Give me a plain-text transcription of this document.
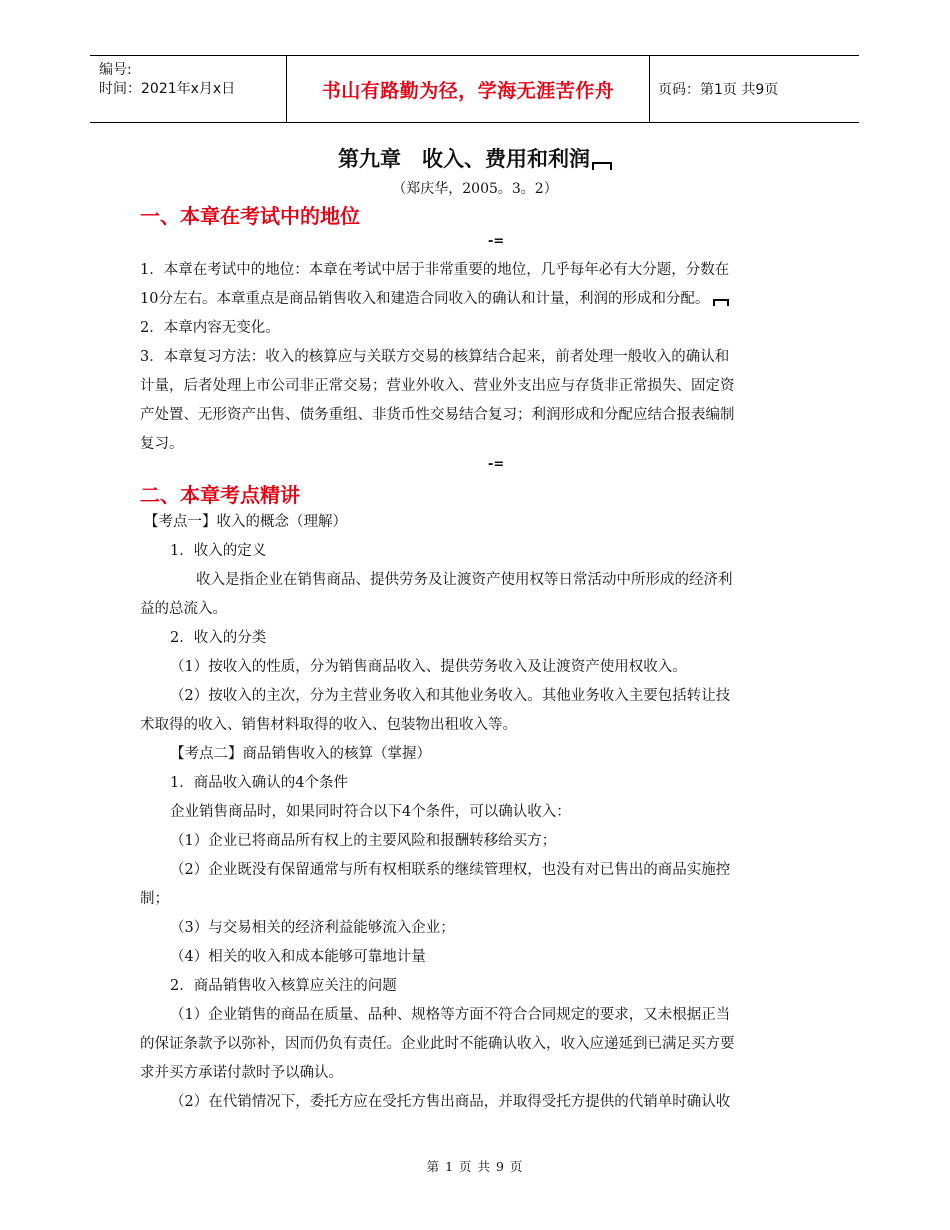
编号:
时间：2021年x月x日	书山有路勤为径，学海无涯苦作舟	页码：第1页 共9页
第九章　收入、费用和利润
（郑庆华，2005。3。2）
一、本章在考试中的地位
-=
1．本章在考试中的地位：本章在考试中居于非常重要的地位，几乎每年必有大分题，分数在
10分左右。本章重点是商品销售收入和建造合同收入的确认和计量，利润的形成和分配。
2．本章内容无变化。
3．本章复习方法：收入的核算应与关联方交易的核算结合起来，前者处理一般收入的确认和
计量，后者处理上市公司非正常交易；营业外收入、营业外支出应与存货非正常损失、固定资
产处置、无形资产出售、债务重组、非货币性交易结合复习；利润形成和分配应结合报表编制
复习。
-=
二、本章考点精讲
【考点一】收入的概念（理解）
1．收入的定义
收入是指企业在销售商品、提供劳务及让渡资产使用权等日常活动中所形成的经济利
益的总流入。
2．收入的分类
（1）按收入的性质，分为销售商品收入、提供劳务收入及让渡资产使用权收入。
（2）按收入的主次，分为主营业务收入和其他业务收入。其他业务收入主要包括转让技
术取得的收入、销售材料取得的收入、包装物出租收入等。
【考点二】商品销售收入的核算（掌握）
1．商品收入确认的4个条件
企业销售商品时，如果同时符合以下4个条件，可以确认收入：
（1）企业已将商品所有权上的主要风险和报酬转移给买方；
（2）企业既没有保留通常与所有权相联系的继续管理权，也没有对已售出的商品实施控
制；
（3）与交易相关的经济利益能够流入企业；
（4）相关的收入和成本能够可靠地计量
2．商品销售收入核算应关注的问题
（1）企业销售的商品在质量、品种、规格等方面不符合合同规定的要求，又未根据正当
的保证条款予以弥补，因而仍负有责任。企业此时不能确认收入，收入应递延到已满足买方要
求并买方承诺付款时予以确认。
（2）在代销情况下，委托方应在受托方售出商品，并取得受托方提供的代销单时确认收
第 1 页 共 9 页
